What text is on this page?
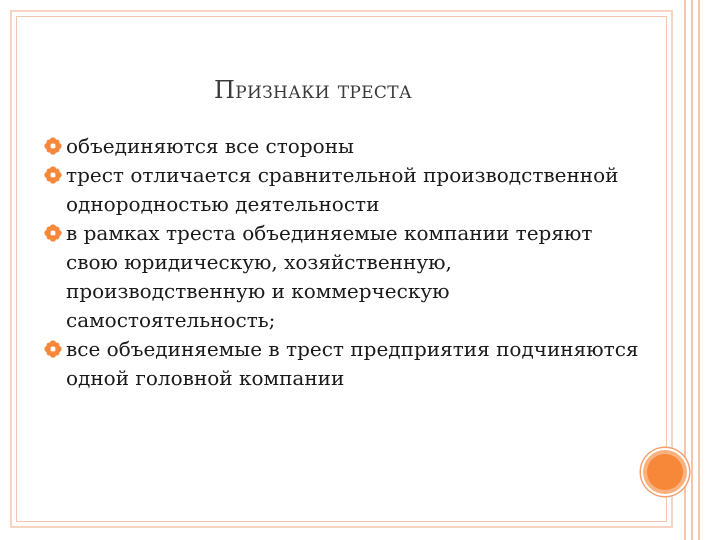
Признаки треста
объединяются все стороны
трест отличается сравнительной производственной однородностью деятельности
в рамках треста объединяемые компании теряют свою юридическую, хозяйственную, производственную и коммерческую самостоятельность;
все объединяемые в трест предприятия подчиняются одной головной компании
